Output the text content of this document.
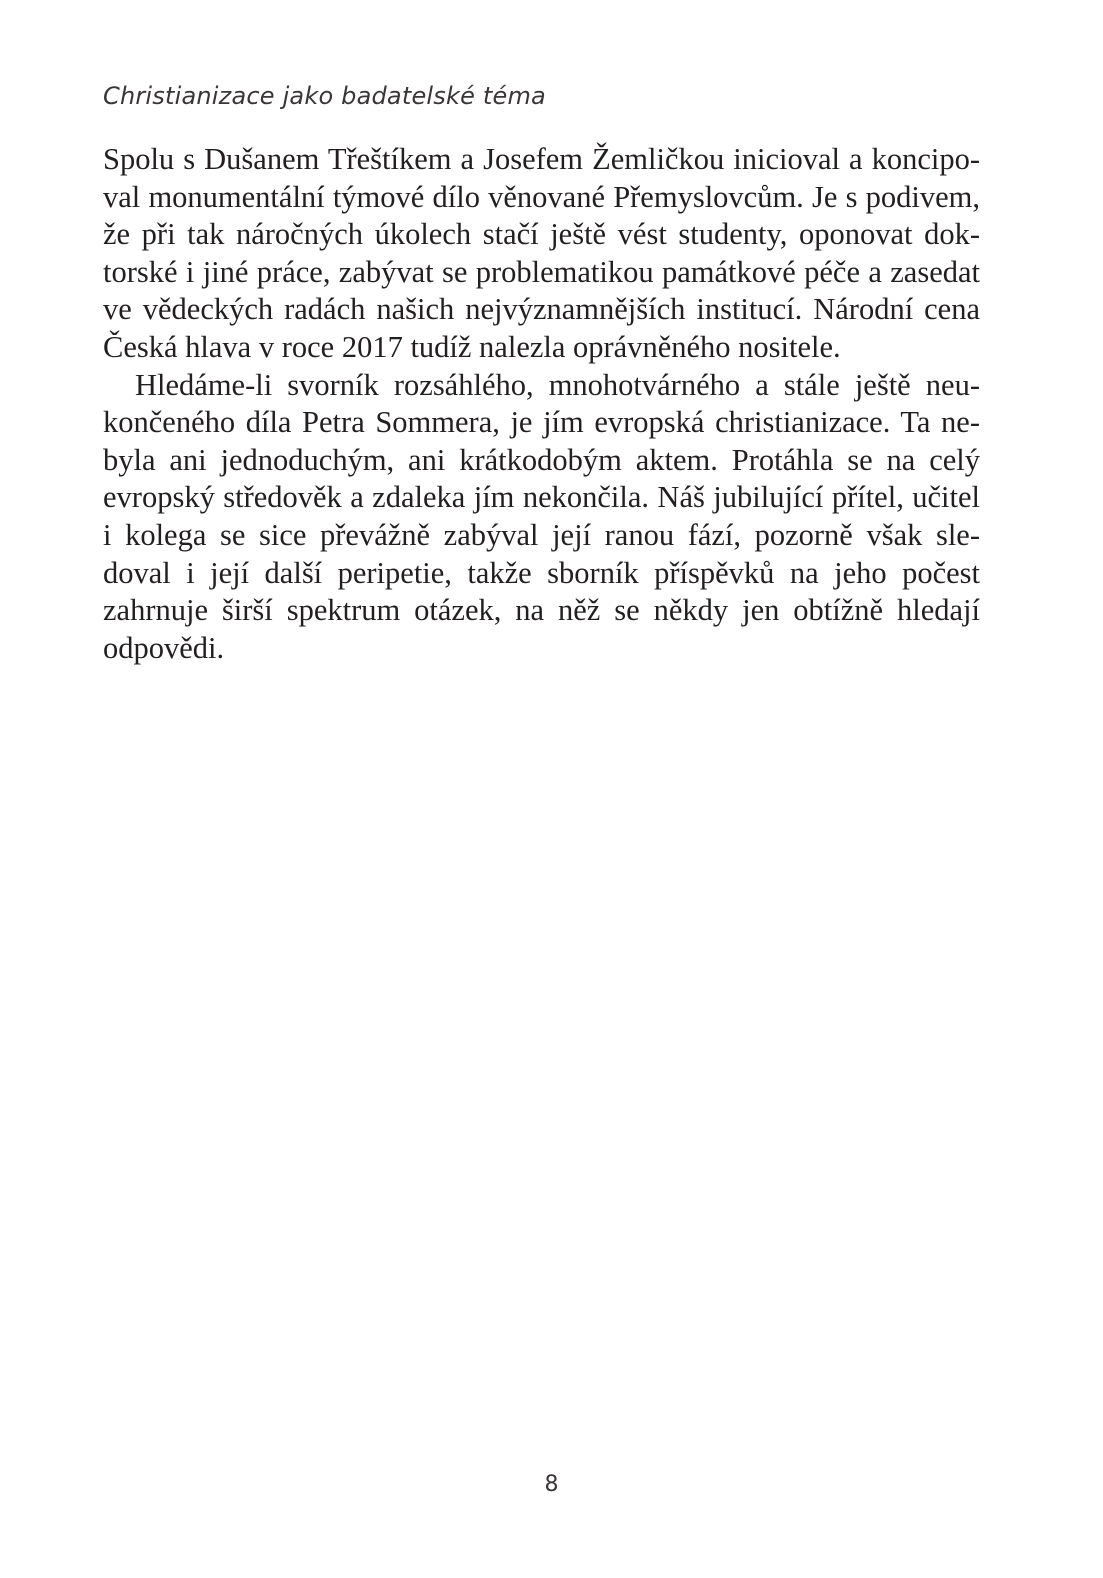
Christianizace jako badatelské téma
Spolu s Dušanem Třeštíkem a Josefem Žemličkou inicioval a koncipo-
val monumentální týmové dílo věnované Přemyslovcům. Je s podivem,
že při tak náročných úkolech stačí ještě vést studenty, oponovat dok-
torské i jiné práce, zabývat se problematikou památkové péče a zasedat
ve vědeckých radách našich nejvýznamnějších institucí. Národní cena
Česká hlava v roce 2017 tudíž nalezla oprávněného nositele.
Hledáme-li svorník rozsáhlého, mnohotvárného a stále ještě neu-
končeného díla Petra Sommera, je jím evropská christianizace. Ta ne-
byla ani jednoduchým, ani krátkodobým aktem. Protáhla se na celý
evropský středověk a zdaleka jím nekončila. Náš jubilující přítel, učitel
i kolega se sice převážně zabýval její ranou fází, pozorně však sle-
doval i její další peripetie, takže sborník příspěvků na jeho počest
zahrnuje širší spektrum otázek, na něž se někdy jen obtížně hledají
odpovědi.
8
